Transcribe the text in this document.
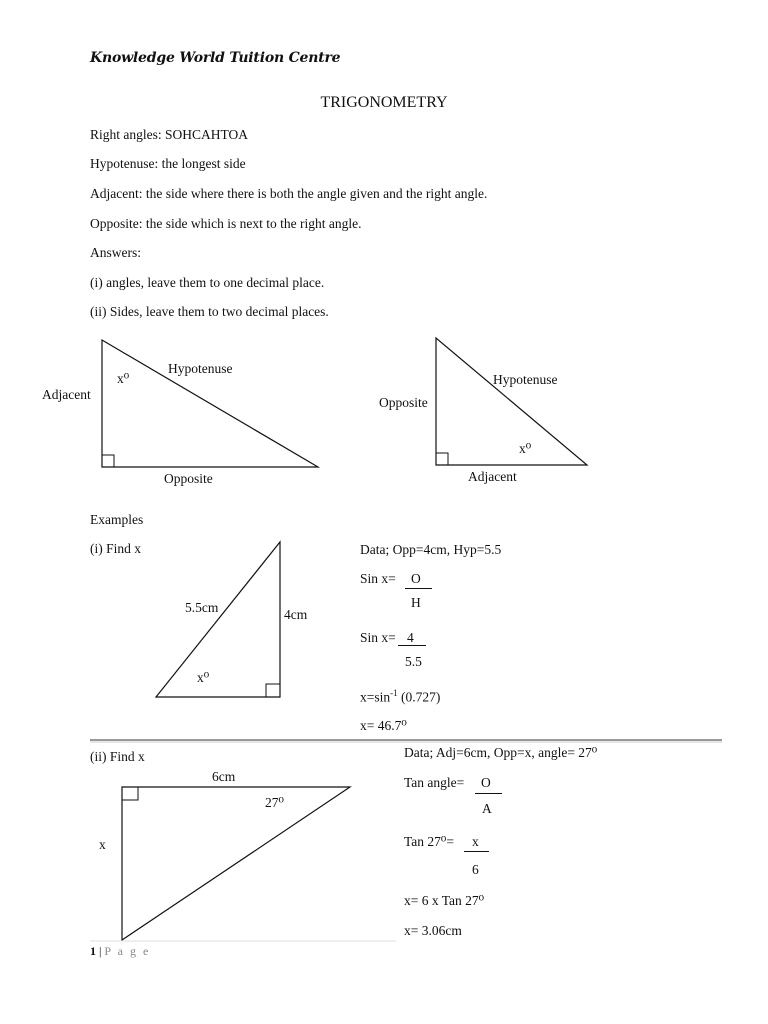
Knowledge World Tuition Centre
TRIGONOMETRY
Right angles: SOHCAHTOA
Hypotenuse: the longest side
Adjacent: the side where there is both the angle given and the right angle.
Opposite: the side which is next to the right angle.
Answers:
(i) angles, leave them to one decimal place.
(ii) Sides, leave them to two decimal places.
Adjacent
x⁰
Hypotenuse
Opposite
Opposite
Hypotenuse
x⁰
Adjacent
Examples
(i) Find x
5.5cm	4cm
x⁰
Data; Opp=4cm, Hyp=5.5
Sin x= O
H
Sin x= 4
5.5
$x=\sin^{-1}$ (0.727)
x= 46.7⁰
(ii) Find x
6cm
27⁰
x
Data; Adj=6cm, Opp=x, angle= 27⁰
Tan angle= O
A
Tan 27⁰= x
6
x= 6 x Tan 27⁰
x= 3.06cm
1 | P a g e
